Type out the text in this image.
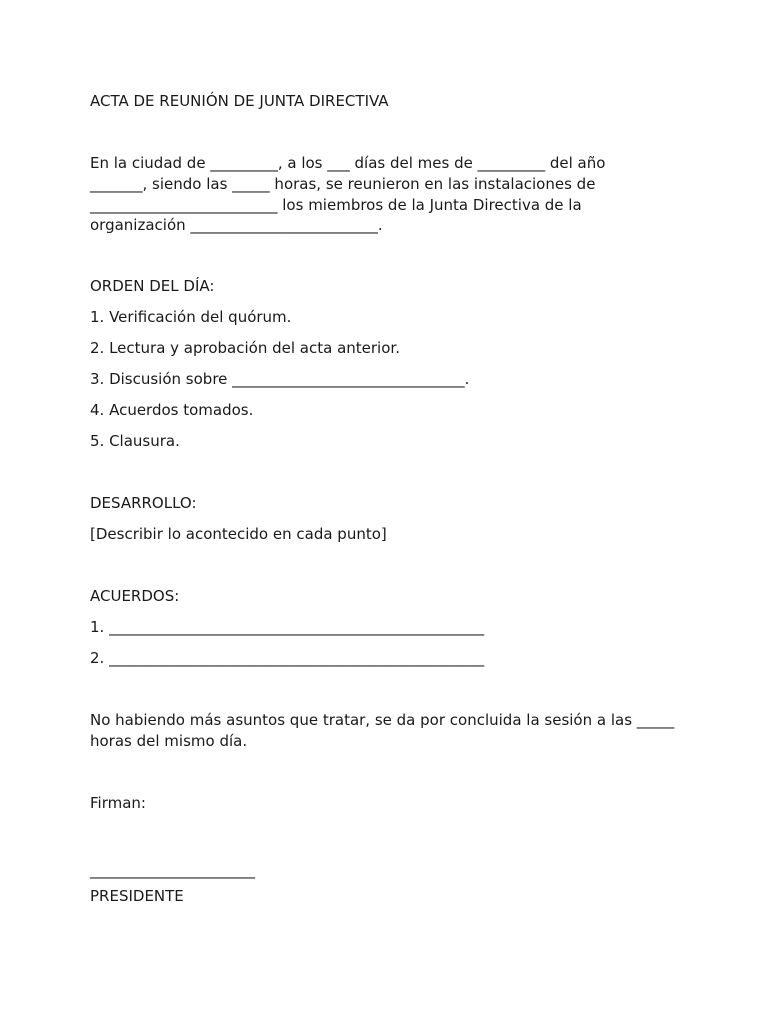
ACTA DE REUNIÓN DE JUNTA DIRECTIVA

En la ciudad de _________, a los ___ días del mes de _________ del año

_______, siendo las _____ horas, se reunieron en las instalaciones de

_________________________ los miembros de la Junta Directiva de la

organización _________________________.

ORDEN DEL DÍA:

1. Verificación del quórum.

2. Lectura y aprobación del acta anterior.

3. Discusión sobre _______________________________.

4. Acuerdos tomados.

5. Clausura.

DESARROLLO:

[Describir lo acontecido en cada punto]

ACUERDOS:

1. __________________________________________________

2. __________________________________________________

No habiendo más asuntos que tratar, se da por concluida la sesión a las _____

horas del mismo día.

Firman:

______________________

PRESIDENTE
